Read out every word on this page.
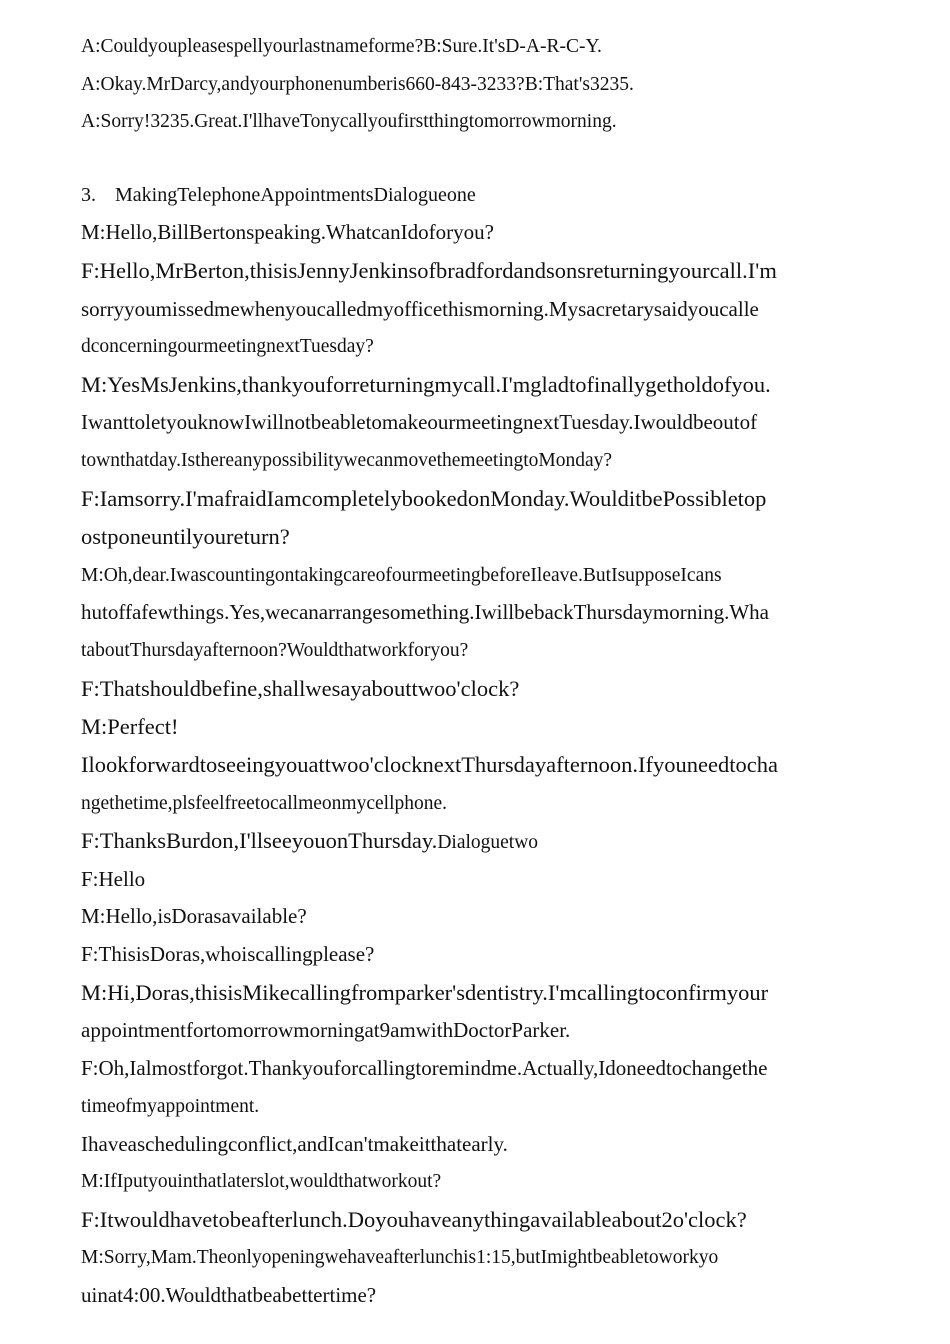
A:Couldyoupleasespellyourlastnameforme?B:Sure.It'sD-A-R-C-Y.
A:Okay.MrDarcy,andyourphonenumberis660-843-3233?B:That's3235.
A:Sorry!3235.Great.I'llhaveTonycallyoufirstthingtomorrowmorning.
3. MakingTelephoneAppointmentsDialogueone
M:Hello,BillBertonspeaking.WhatcanIdoforyou?
F:Hello,MrBerton,thisisJennyJenkinsofbradfordandsonsreturningyourcall.I'm
sorryyoumissedmewhenyoucalledmyofficethismorning.Mysacretarysaidyoucalle
dconcerningourmeetingnextTuesday?
M:YesMsJenkins,thankyouforreturningmycall.I'mgladtofinallygetholdofyou.
IwanttoletyouknowIwillnotbeabletomakeourmeetingnextTuesday.Iwouldbeoutof
townthatday.IsthereanypossibilitywecanmovethemeetingtoMonday?
F:Iamsorry.I'mafraidIamcompletelybookedonMonday.WoulditbePossibletop
ostponeuntilyoureturn?
M:Oh,dear.IwascountingontakingcareofourmeetingbeforeIleave.ButIsupposeIcans
hutoffafewthings.Yes,wecanarrangesomething.IwillbebackThursdaymorning.Wha
taboutThursdayafternoon?Wouldthatworkforyou?
F:Thatshouldbefine,shallwesayabouttwoo'clock?
M:Perfect!
Ilookforwardtoseeingyouattwoo'clocknextThursdayafternoon.Ifyouneedtocha
ngethetime,plsfeelfreetocallmeonmycellphone.
F:ThanksBurdon,I'llseeyouonThursday.Dialoguetwo
F:Hello
M:Hello,isDorasavailable?
F:ThisisDoras,whoiscallingplease?
M:Hi,Doras,thisisMikecallingfromparker'sdentistry.I'mcallingtoconfirmyour
appointmentfortomorrowmorningat9amwithDoctorParker.
F:Oh,Ialmostforgot.Thankyouforcallingtoremindme.Actually,Idoneedtochangethe
timeofmyappointment.
Ihaveaschedulingconflict,andIcan'tmakeitthatearly.
M:IfIputyouinthatlaterslot,wouldthatworkout?
F:Itwouldhavetobeafterlunch.Doyouhaveanythingavailableabout2o'clock?
M:Sorry,Mam.Theonlyopeningwehaveafterlunchis1:15,butImightbeabletoworkyo
uinat4:00.Wouldthatbeabettertime?
